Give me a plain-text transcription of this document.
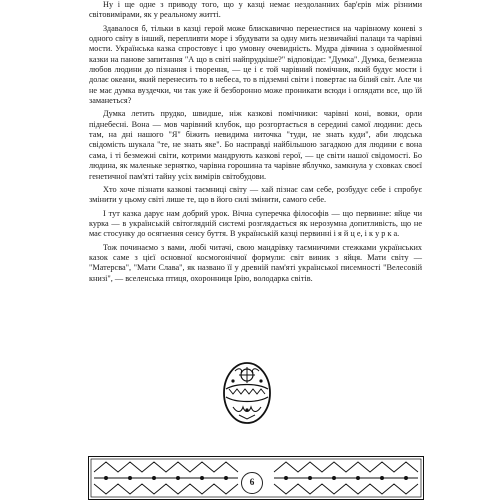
Ну і ще одне з приводу того, що у казці немає нездоланних бар'єрів між різними світовимірами, як у реальному житті.

Здавалося б, тільки в казці герой може блискавично перенестися на чарівному коневі з одного світу в інший, перепливти море і збудувати за одну мить незвичайні палаци та чарівні мости. Українська казка спростовує і цю умовну очевидність. Мудра дівчина з однойменної казки на панове запитання "А що в світі найпрудкіше?" відповідає: "Думка". Думка, безмежна любов людини до пізнання і творення, — це і є той чарівний помічник, який будує мости і долає океани, який перенесить то в небеса, то в підземні світи і повертає на білий світ. Але чи не має думка вуздечки, чи так уже й безборонно може проникати всюди і оглядати все, що їй заманеться?

Думка летить прудко, швидше, ніж казкові помічники: чарівні коні, вовки, орли піднебесні. Вона — мов чарівний клубок, що розгортається в середині самої людини: десь там, на дні нашого "Я" біжить невидима ниточка "туди, не знать куди", аби людська свідомість шукала "те, не знать яке". Бо насправді найбільшою загадкою для людини є вона сама, і ті безмежні світи, котрими мандрують казкові герої, — це світи нашої свідомості. Бо людина, як маленьке зернятко, чарівна горошина та чарівне яблучко, замкнула у сховках своєї генетичної пам'яті тайну усіх вимірів світобудови.

Хто хоче пізнати казкові таємниці світу — хай пізнає сам себе, розбудує себе і спробує змінити у цьому світі лише те, що в його силі змінити, самого себе.

І тут казка дарує нам добрий урок. Вічна суперечка філософів — що первинне: яйце чи курка — в українській світоглядній системі розглядається як нерозумна допитливість, що не має стосунку до осягнення сенсу буття. В українській казці первинні і я й ц е, і к у р к а.

Тож починаємо з вами, любі читачі, свою мандрівку таємничими стежками українських казок саме з цієї основної космогонічної формули: світ виник з яйця. Мати світу — "Матерсва", "Мати Слава", як названо її у древній пам'яті української писемності "Велесовій книзі", — вселенська птиця, охоронниця Ірію, володарка світів.

6
